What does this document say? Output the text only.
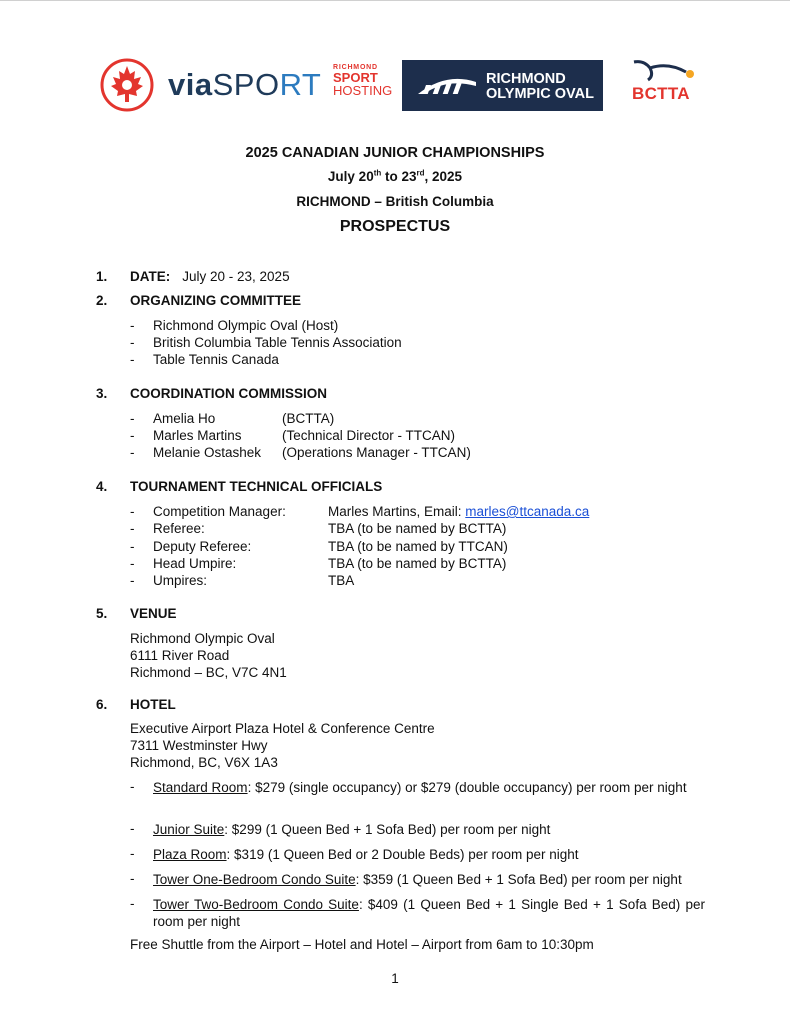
viaSPORT RICHMOND
SPORT
HOSTING
RICHMOND
OLYMPIC OVAL BCTTA
2025 CANADIAN JUNIOR CHAMPIONSHIPS
July 20th to 23rd, 2025
RICHMOND – British Columbia
PROSPECTUS
1. DATE: July 20 - 23, 2025
2. ORGANIZING COMMITTEE
- Richmond Olympic Oval (Host)
- British Columbia Table Tennis Association
- Table Tennis Canada
3. COORDINATION COMMISSION
- Amelia Ho	(BCTTA)
- Marles Martins	(Technical Director - TTCAN)
- Melanie Ostashek (Operations Manager - TTCAN)
4. TOURNAMENT TECHNICAL OFFICIALS
- Competition Manager:	Marles Martins, Email: marles@ttcanada.ca
- Referee:	TBA (to be named by BCTTA)
- Deputy Referee:	TBA (to be named by TTCAN)
- Head Umpire:	TBA (to be named by BCTTA)
- Umpires:	TBA
5. VENUE
Richmond Olympic Oval
6111 River Road
Richmond – BC, V7C 4N1
6. HOTEL
Executive Airport Plaza Hotel & Conference Centre
7311 Westminster Hwy
Richmond, BC, V6X 1A3
- Standard Room: $279 (single occupancy) or $279 (double occupancy) per room per night
- Junior Suite: $299 (1 Queen Bed + 1 Sofa Bed) per room per night
- Plaza Room: $319 (1 Queen Bed or 2 Double Beds) per room per night
- Tower One-Bedroom Condo Suite: $359 (1 Queen Bed + 1 Sofa Bed) per room per night
- Tower Two-Bedroom Condo Suite: $409 (1 Queen Bed + 1 Single Bed + 1 Sofa Bed) per room per night
Free Shuttle from the Airport – Hotel and Hotel – Airport from 6am to 10:30pm
1
